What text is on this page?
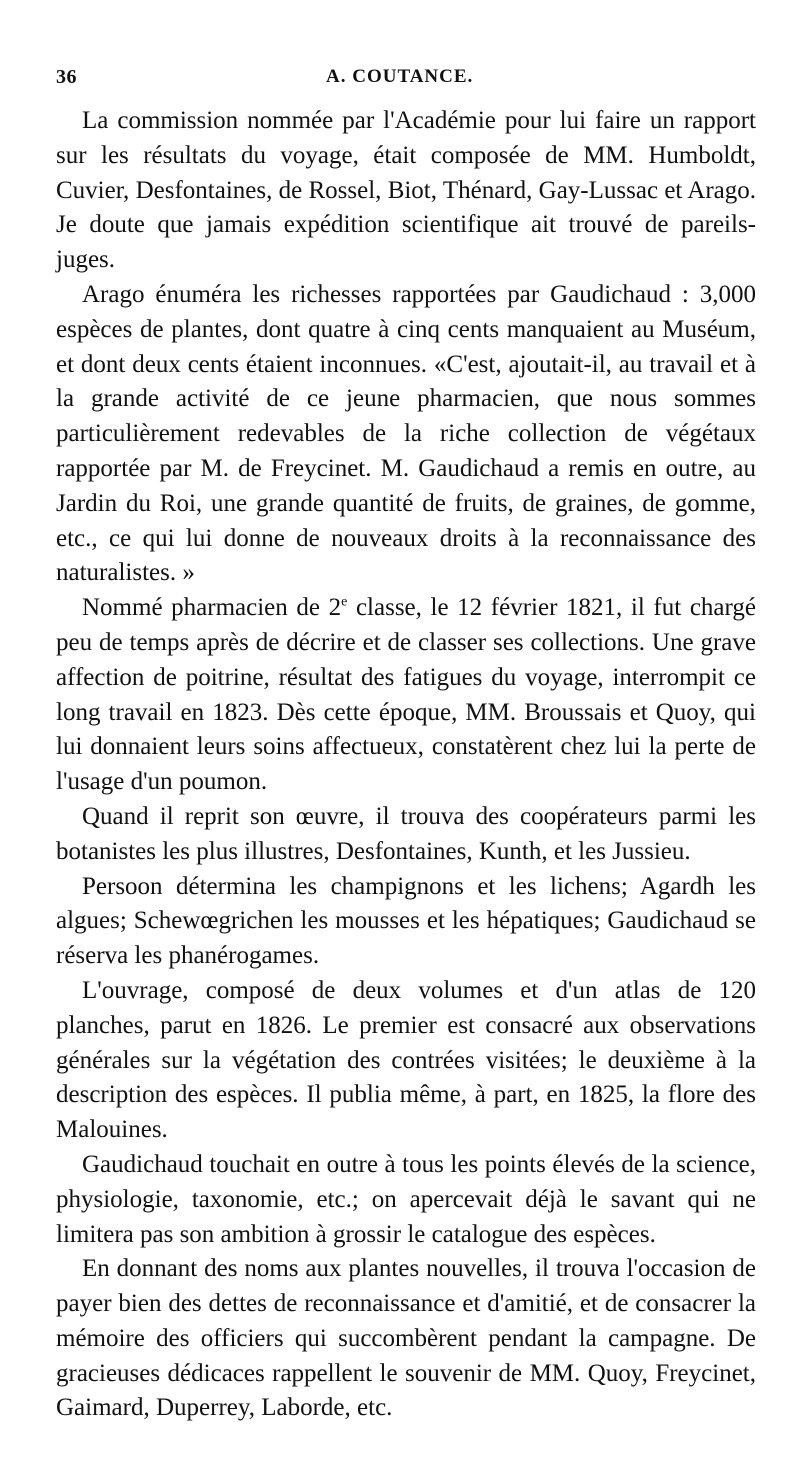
36	A. COUTANCE.

La commission nommée par l'Académie pour lui faire un rapport sur les résultats du voyage, était composée de MM. Humboldt, Cuvier, Desfontaines, de Rossel, Biot, Thénard, Gay-Lussac et Arago. Je doute que jamais expédition scientifique ait trouvé de pareils-juges.

Arago énuméra les richesses rapportées par Gaudichaud : 3,000 espèces de plantes, dont quatre à cinq cents manquaient au Muséum, et dont deux cents étaient inconnues. «C'est, ajoutait-il, au travail et à la grande activité de ce jeune pharmacien, que nous sommes particulièrement redevables de la riche collection de végétaux rapportée par M. de Freycinet. M. Gaudichaud a remis en outre, au Jardin du Roi, une grande quantité de fruits, de graines, de gomme, etc., ce qui lui donne de nouveaux droits à la reconnaissance des naturalistes. »

Nommé pharmacien de 2e classe, le 12 février 1821, il fut chargé peu de temps après de décrire et de classer ses collections. Une grave affection de poitrine, résultat des fatigues du voyage, interrompit ce long travail en 1823. Dès cette époque, MM. Broussais et Quoy, qui lui donnaient leurs soins affectueux, constatèrent chez lui la perte de l'usage d'un poumon.

Quand il reprit son œuvre, il trouva des coopérateurs parmi les botanistes les plus illustres, Desfontaines, Kunth, et les Jussieu.

Persoon détermina les champignons et les lichens; Agardh les algues; Schewœgrichen les mousses et les hépatiques; Gaudichaud se réserva les phanérogames.

L'ouvrage, composé de deux volumes et d'un atlas de 120 planches, parut en 1826. Le premier est consacré aux observations générales sur la végétation des contrées visitées; le deuxième à la description des espèces. Il publia même, à part, en 1825, la flore des Malouines.

Gaudichaud touchait en outre à tous les points élevés de la science, physiologie, taxonomie, etc.; on apercevait déjà le savant qui ne limitera pas son ambition à grossir le catalogue des espèces.

En donnant des noms aux plantes nouvelles, il trouva l'occasion de payer bien des dettes de reconnaissance et d'amitié, et de consacrer la mémoire des officiers qui succombèrent pendant la campagne. De gracieuses dédicaces rappellent le souvenir de MM. Quoy, Freycinet, Gaimard, Duperrey, Laborde, etc.
